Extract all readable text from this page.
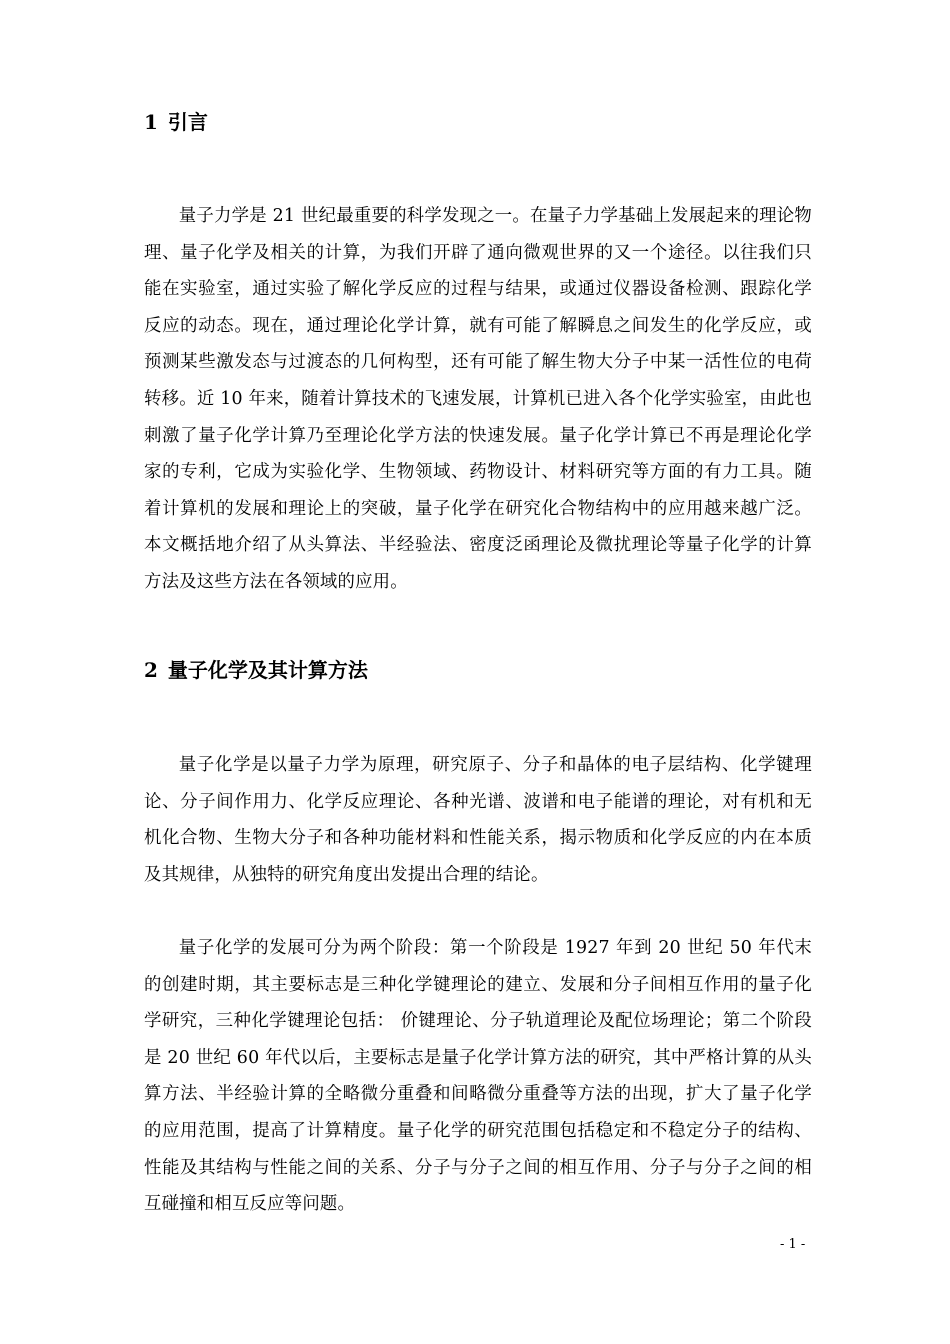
1 引言

量子力学是 21 世纪最重要的科学发现之一。在量子力学基础上发展起来的理论物理、量子化学及相关的计算，为我们开辟了通向微观世界的又一个途径。以往我们只能在实验室，通过实验了解化学反应的过程与结果，或通过仪器设备检测、跟踪化学反应的动态。现在，通过理论化学计算，就有可能了解瞬息之间发生的化学反应，或预测某些激发态与过渡态的几何构型，还有可能了解生物大分子中某一活性位的电荷转移。近 10 年来，随着计算技术的飞速发展，计算机已进入各个化学实验室，由此也刺激了量子化学计算乃至理论化学方法的快速发展。量子化学计算已不再是理论化学家的专利，它成为实验化学、生物领域、药物设计、材料研究等方面的有力工具。随着计算机的发展和理论上的突破，量子化学在研究化合物结构中的应用越来越广泛。本文概括地介绍了从头算法、半经验法、密度泛函理论及微扰理论等量子化学的计算方法及这些方法在各领域的应用。

2 量子化学及其计算方法

量子化学是以量子力学为原理，研究原子、分子和晶体的电子层结构、化学键理论、分子间作用力、化学反应理论、各种光谱、波谱和电子能谱的理论，对有机和无机化合物、生物大分子和各种功能材料和性能关系，揭示物质和化学反应的内在本质及其规律，从独特的研究角度出发提出合理的结论。

量子化学的发展可分为两个阶段：第一个阶段是 1927 年到 20 世纪 50 年代末的创建时期，其主要标志是三种化学键理论的建立、发展和分子间相互作用的量子化学研究，三种化学键理论包括： 价键理论、分子轨道理论及配位场理论；第二个阶段是 20 世纪 60 年代以后，主要标志是量子化学计算方法的研究，其中严格计算的从头算方法、半经验计算的全略微分重叠和间略微分重叠等方法的出现，扩大了量子化学的应用范围，提高了计算精度。量子化学的研究范围包括稳定和不稳定分子的结构、性能及其结构与性能之间的关系、分子与分子之间的相互作用、分子与分子之间的相互碰撞和相互反应等问题。

- 1 -
